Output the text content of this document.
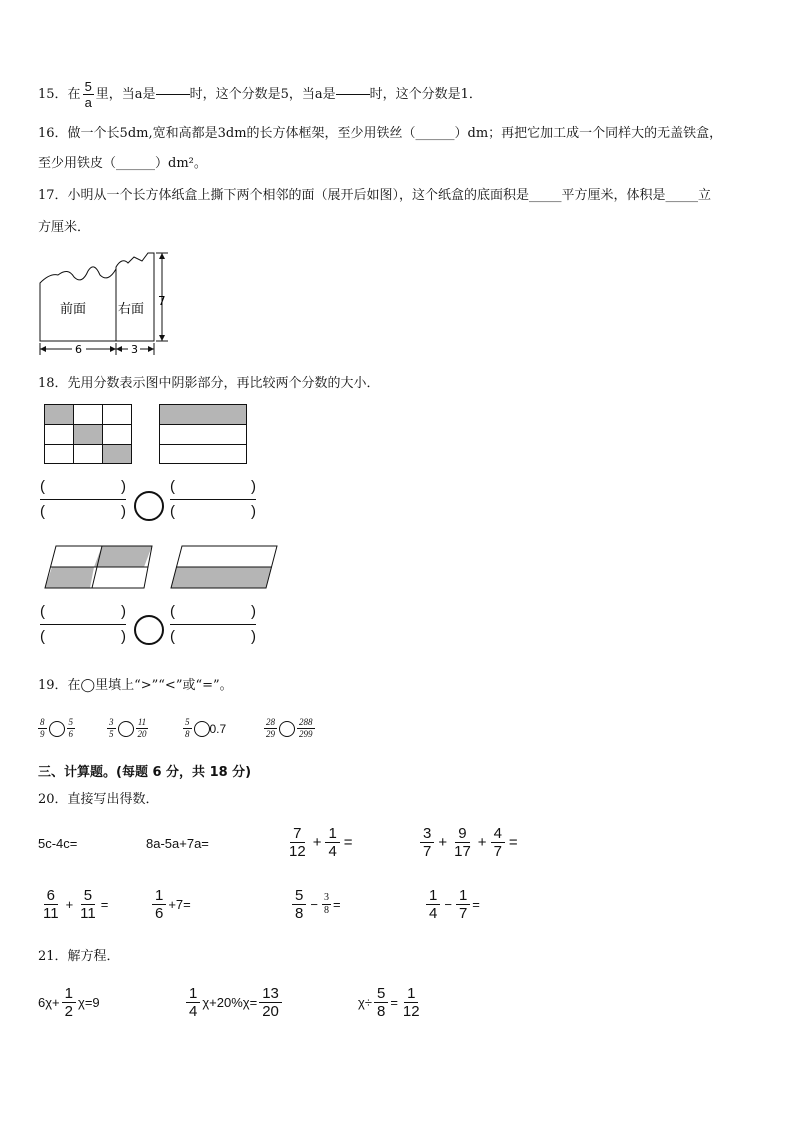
15． 在 $\frac{5}{a}$ 里，当a是	时，这个分数是5，当a是	时，这个分数是1．
16．做一个长5dm,宽和高都是3dm的长方体框架，至少用铁丝（______）dm；再把它加工成一个同样大的无盖铁盒，
至少用铁皮（______）dm²。
17．小明从一个长方体纸盒上撕下两个相邻的面（展开后如图），这个纸盒的底面积是_____平方厘米，体积是_____立
方厘米．
前面 右面
6	3
7
18．先用分数表示图中阴影部分，再比较两个分数的大小．
(	)
(	)
(	)
(	)
(	)
(	)
(	)
(	)
19．在◯里填上“>”“<”或“=”。
$\frac{8}{9} \frac{5}{6}$	$\frac{3}{5} \frac{11}{20}$	$\frac{5}{8} 0.7$	$\frac{28}{29} \frac{288}{299}$
三、计算题。(每题 6 分，共 18 分)
20．直接写出得数．
5c-4c=	8a-5a+7a=	$\frac{7}{12} + \frac{1}{4}$ =	$\frac{3}{7} + \frac{9}{17} + \frac{4}{7}$ =
$\frac{6}{11} + \frac{5}{11}$ =	$\frac{1}{6} +7=$	$\frac{5}{8} - \frac{3}{8}$ =	$\frac{1}{4} - \frac{1}{7}$ =
21．解方程．
$6\chi+ \frac{1}{2} \chi=9$	$\frac{1}{4} \chi+20\%\chi= \frac{13}{20}$	$\chi\div \frac{5}{8} = \frac{1}{12}$
